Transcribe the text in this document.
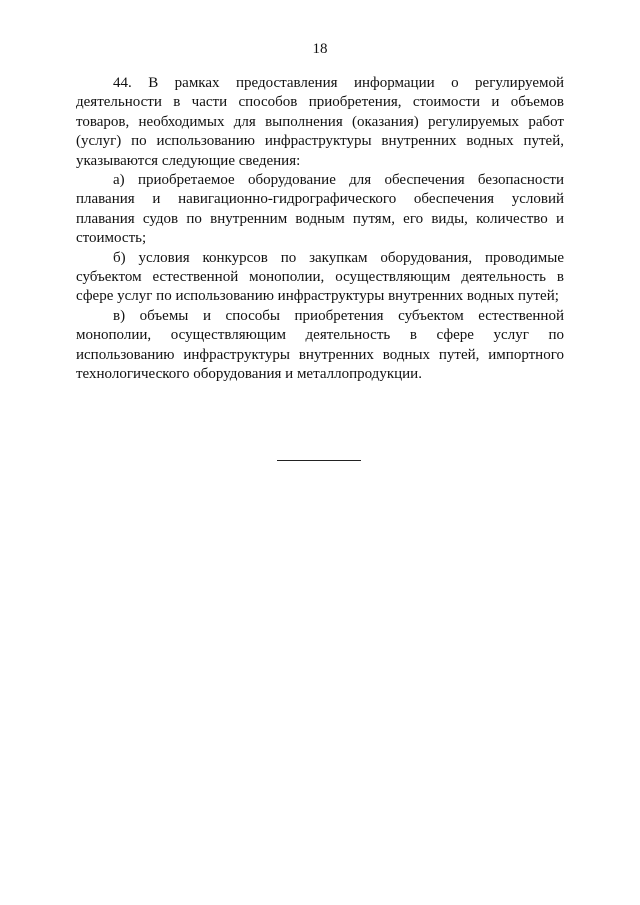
18

44. В рамках предоставления информации о регулируемой деятельности в части способов приобретения, стоимости и объемов товаров, необходимых для выполнения (оказания) регулируемых работ (услуг) по использованию инфраструктуры внутренних водных путей, указываются следующие сведения:

а) приобретаемое оборудование для обеспечения безопасности плавания и навигационно-гидрографического обеспечения условий плавания судов по внутренним водным путям, его виды, количество и стоимость;

б) условия конкурсов по закупкам оборудования, проводимые субъектом естественной монополии, осуществляющим деятельность в сфере услуг по использованию инфраструктуры внутренних водных путей;

в) объемы и способы приобретения субъектом естественной монополии, осуществляющим деятельность в сфере услуг по использованию инфраструктуры внутренних водных путей, импортного технологического оборудования и металлопродукции.
